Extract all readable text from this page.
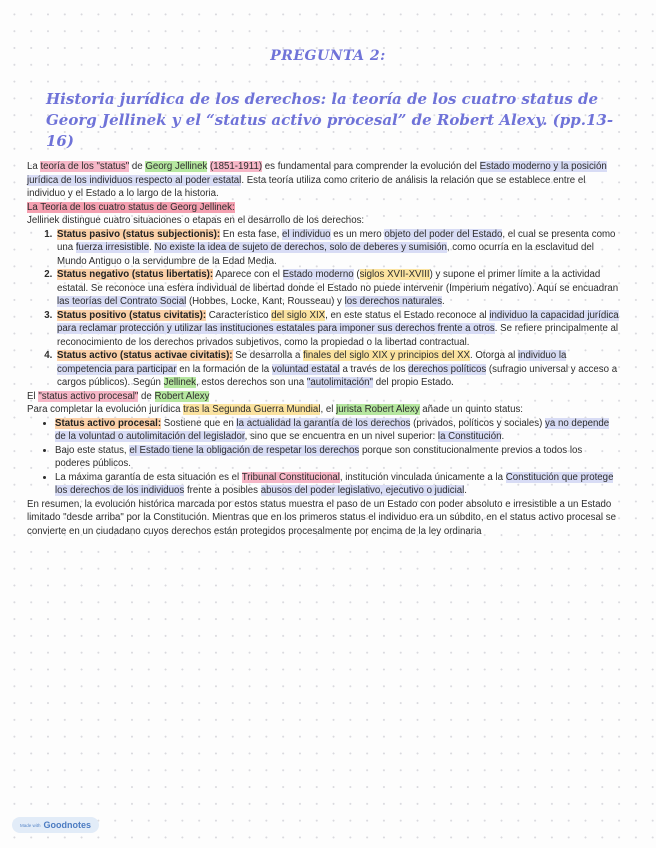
PREGUNTA 2:
Historia jurídica de los derechos: la teoría de los cuatro status de Georg Jellinek y el “status activo procesal” de Robert Alexy. (pp.13-16)

La teoría de los "status" de Georg Jellinek (1851-1911) es fundamental para comprender la evolución del Estado moderno y la posición jurídica de los individuos respecto al poder estatal. Esta teoría utiliza como criterio de análisis la relación que se establece entre el individuo y el Estado a lo largo de la historia.

La Teoría de los cuatro status de Georg Jellinek:

Jellinek distingue cuatro situaciones o etapas en el desarrollo de los derechos:

1. Status pasivo (status subjectionis): En esta fase, el individuo es un mero objeto del poder del Estado, el cual se presenta como una fuerza irresistible. No existe la idea de sujeto de derechos, solo de deberes y sumisión, como ocurría en la esclavitud del Mundo Antiguo o la servidumbre de la Edad Media.
2. Status negativo (status libertatis): Aparece con el Estado moderno (siglos XVII-XVIII) y supone el primer límite a la actividad estatal. Se reconoce una esfera individual de libertad donde el Estado no puede intervenir (Imperium negativo). Aquí se encuadran las teorías del Contrato Social (Hobbes, Locke, Kant, Rousseau) y los derechos naturales.
3. Status positivo (status civitatis): Característico del siglo XIX, en este status el Estado reconoce al individuo la capacidad jurídica para reclamar protección y utilizar las instituciones estatales para imponer sus derechos frente a otros. Se refiere principalmente al reconocimiento de los derechos privados subjetivos, como la propiedad o la libertad contractual.
4. Status activo (status activae civitatis): Se desarrolla a finales del siglo XIX y principios del XX. Otorga al individuo la competencia para participar en la formación de la voluntad estatal a través de los derechos políticos (sufragio universal y acceso a cargos públicos). Según Jellinek, estos derechos son una "autolimitación" del propio Estado.

El "status activo procesal" de Robert Alexy

Para completar la evolución jurídica tras la Segunda Guerra Mundial, el jurista Robert Alexy añade un quinto status:

• Status activo procesal: Sostiene que en la actualidad la garantía de los derechos (privados, políticos y sociales) ya no depende de la voluntad o autolimitación del legislador, sino que se encuentra en un nivel superior: la Constitución.
• Bajo este status, el Estado tiene la obligación de respetar los derechos porque son constitucionalmente previos a todos los poderes públicos.
• La máxima garantía de esta situación es el Tribunal Constitucional, institución vinculada únicamente a la Constitución que protege los derechos de los individuos frente a posibles abusos del poder legislativo, ejecutivo o judicial.

En resumen, la evolución histórica marcada por estos status muestra el paso de un Estado con poder absoluto e irresistible a un Estado limitado "desde arriba" por la Constitución. Mientras que en los primeros status el individuo era un súbdito, en el status activo procesal se convierte en un ciudadano cuyos derechos están protegidos procesalmente por encima de la ley ordinaria

Made with Goodnotes
